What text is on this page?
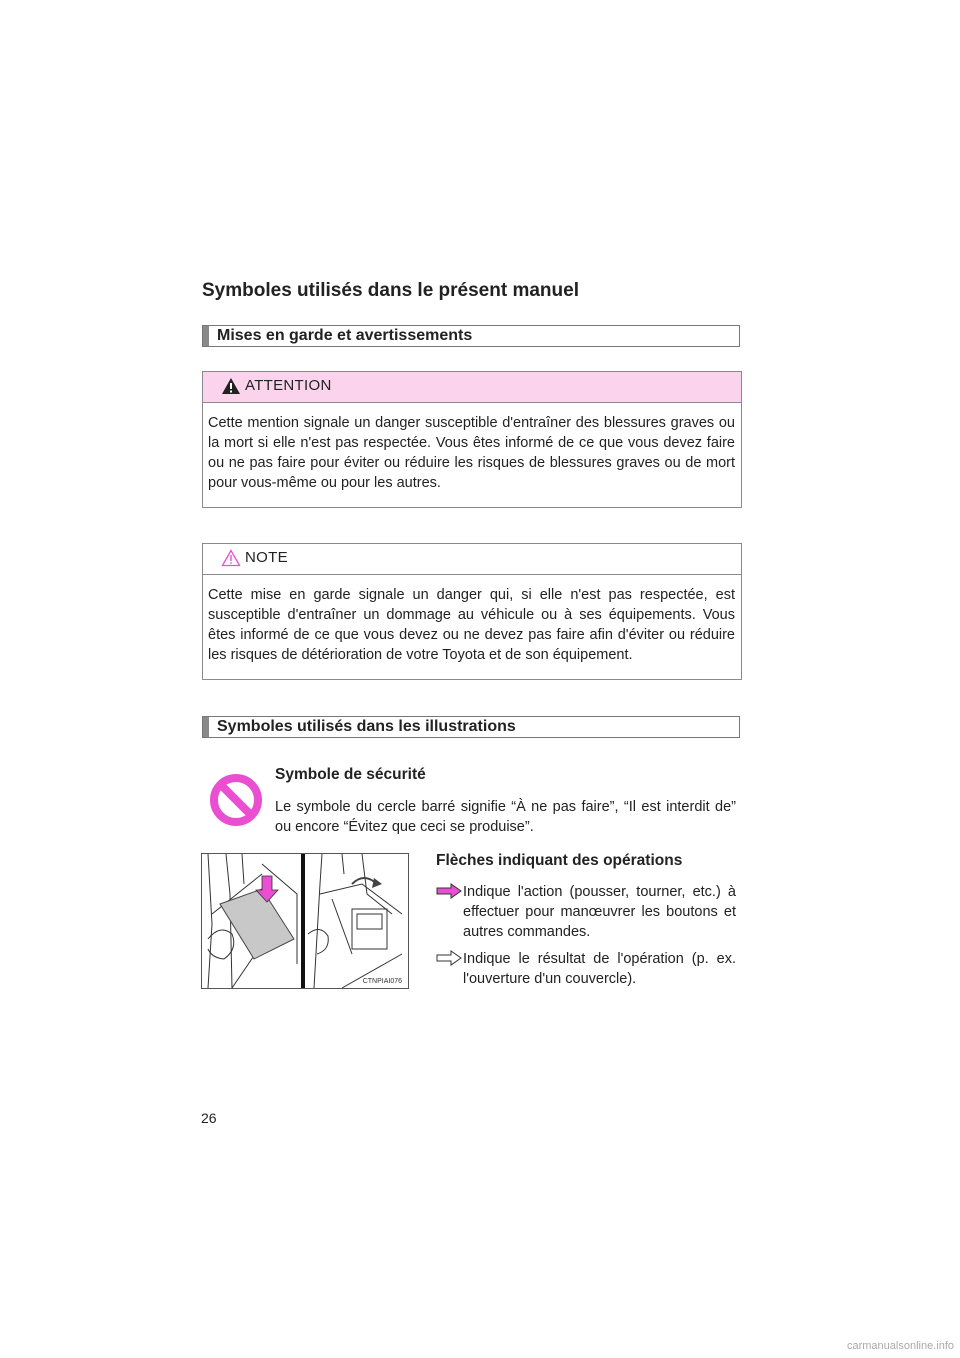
Symboles utilisés dans le présent manuel
Mises en garde et avertissements
ATTENTION
Cette mention signale un danger susceptible d'entraîner des blessures graves ou la mort si elle n'est pas respectée. Vous êtes informé de ce que vous devez faire ou ne pas faire pour éviter ou réduire les risques de blessures graves ou de mort pour vous-même ou pour les autres.
NOTE
Cette mise en garde signale un danger qui, si elle n'est pas respectée, est susceptible d'entraîner un dommage au véhicule ou à ses équipements. Vous êtes informé de ce que vous devez ou ne devez pas faire afin d'éviter ou réduire les risques de détérioration de votre Toyota et de son équipement.
Symboles utilisés dans les illustrations
Symbole de sécurité
Le symbole du cercle barré signifie “À ne pas faire”, “Il est interdit de” ou encore “Évitez que ceci se produise”.
CTNPIAI076
Flèches indiquant des opérations
Indique l'action (pousser, tourner, etc.) à effectuer pour manœuvrer les boutons et autres commandes.
Indique le résultat de l'opération (p. ex. l'ouverture d'un couvercle).
26
carmanualsonline.info
